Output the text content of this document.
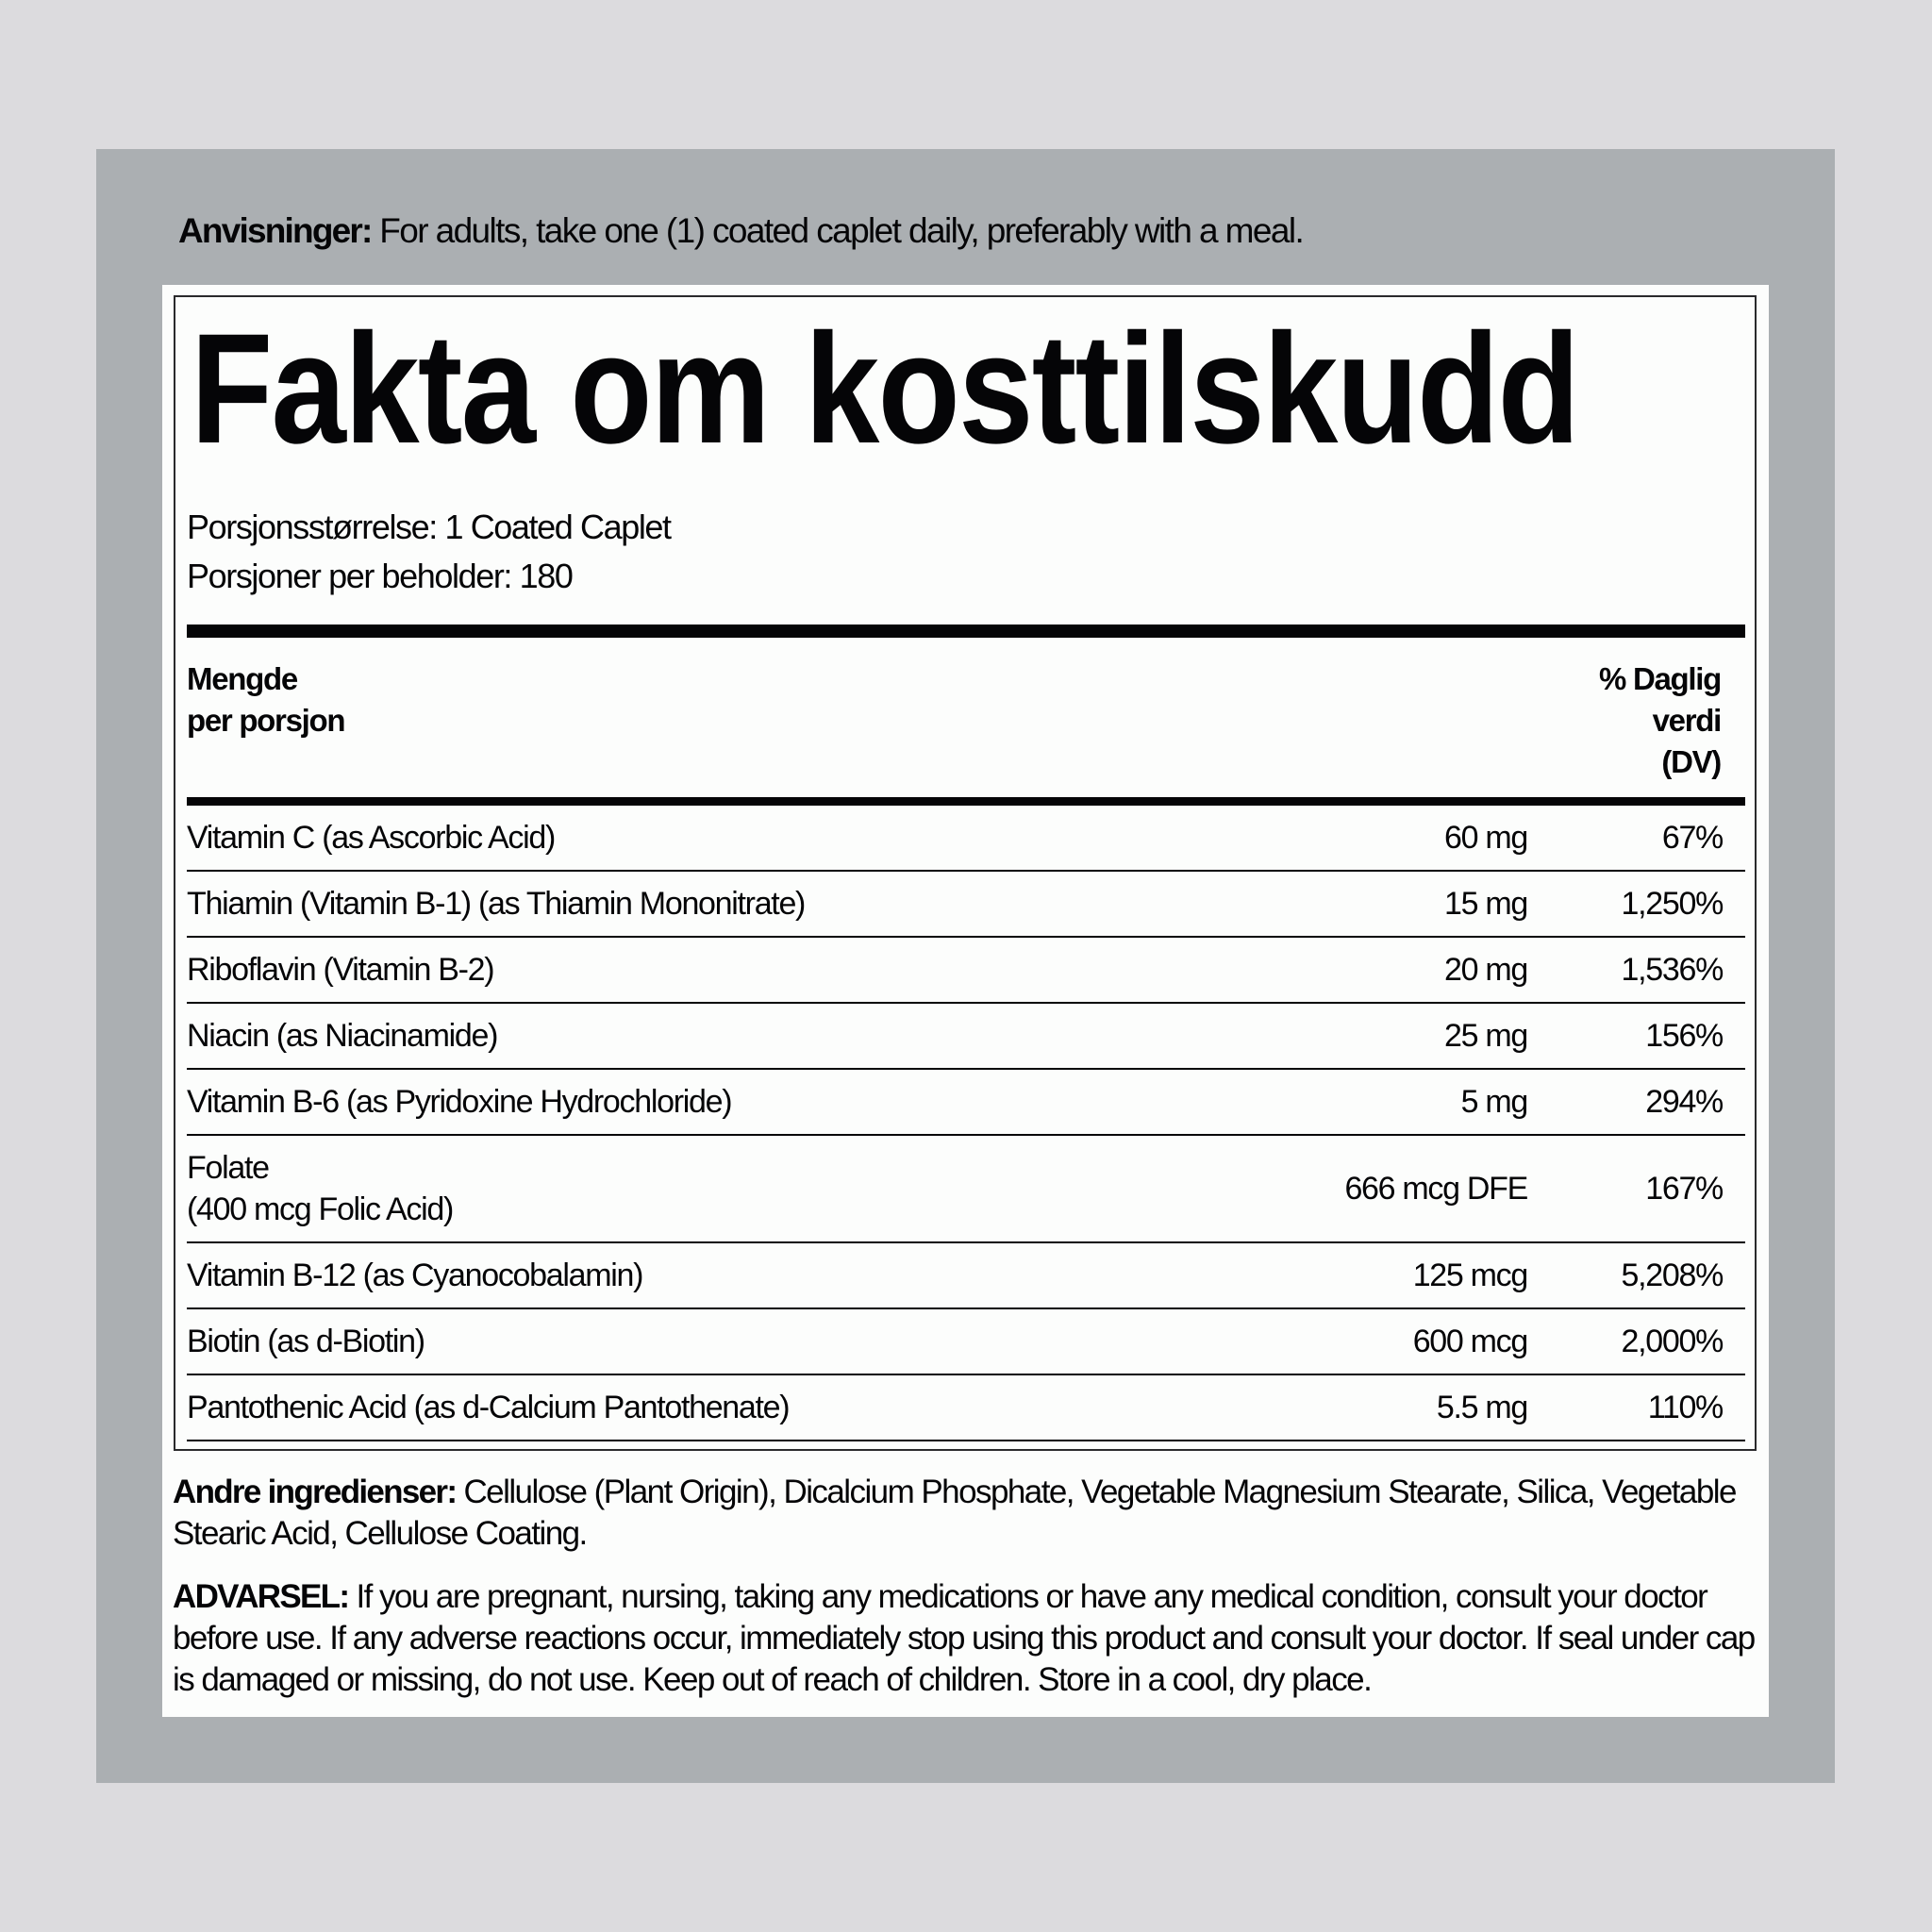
Anvisninger: For adults, take one (1) coated caplet daily, preferably with a meal.
Fakta om kosttilskudd
Porsjonsstørrelse: 1 Coated Caplet
Porsjoner per beholder: 180
Mengde
per porsjon
% Daglig
verdi
(DV)
Vitamin C (as Ascorbic Acid)	60 mg	67%
Thiamin (Vitamin B-1) (as Thiamin Mononitrate)	15 mg	1,250%
Riboflavin (Vitamin B-2)	20 mg	1,536%
Niacin (as Niacinamide)	25 mg	156%
Vitamin B-6 (as Pyridoxine Hydrochloride)	5 mg	294%
Folate
(400 mcg Folic Acid)
666 mcg DFE	167%
Vitamin B-12 (as Cyanocobalamin)	125 mcg	5,208%
Biotin (as d-Biotin)	600 mcg	2,000%
Pantothenic Acid (as d-Calcium Pantothenate)	5.5 mg	110%
Andre ingredienser: Cellulose (Plant Origin), Dicalcium Phosphate, Vegetable Magnesium Stearate, Silica, Vegetable Stearic Acid, Cellulose Coating.
ADVARSEL: If you are pregnant, nursing, taking any medications or have any medical condition, consult your doctor before use. If any adverse reactions occur, immediately stop using this product and consult your doctor. If seal under cap is damaged or missing, do not use. Keep out of reach of children. Store in a cool, dry place.
